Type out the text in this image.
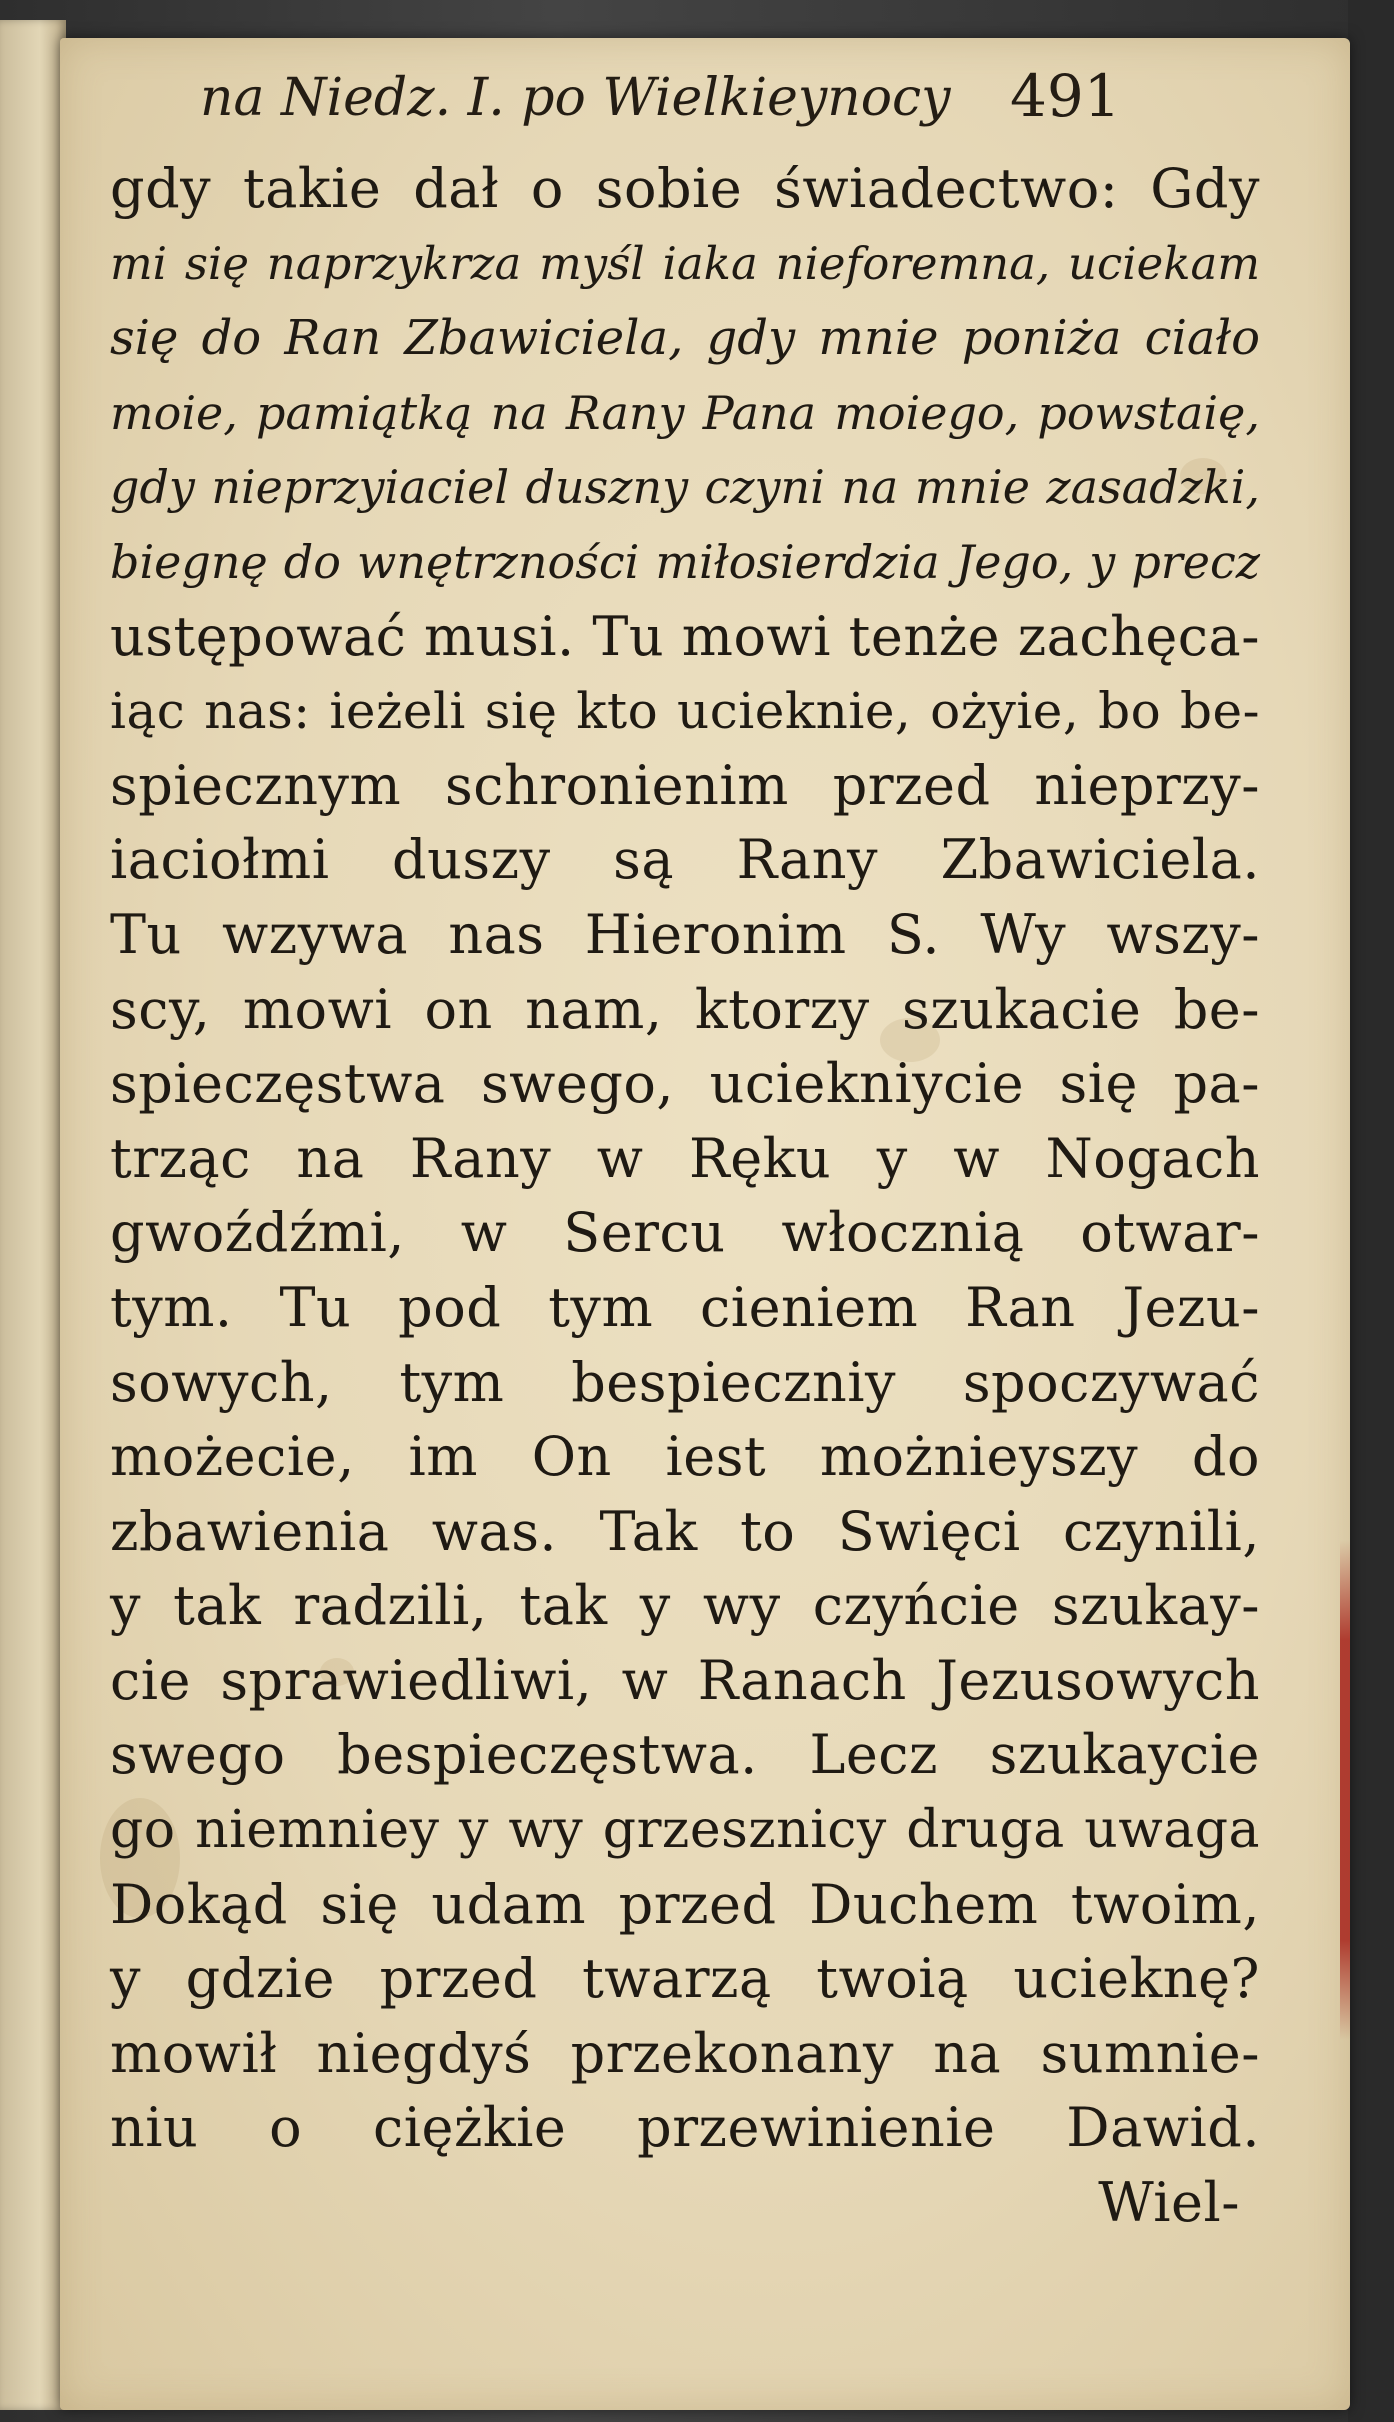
na Niedz. I. po Wielkieynocy 491
gdy takie dał o sobie świadectwo: Gdy
mi się naprzykrza myśl iaka nieforemna, uciekam
się do Ran Zbawiciela, gdy mnie poniża ciało
moie, pamiątką na Rany Pana moiego, powstaię,
gdy nieprzyiaciel duszny czyni na mnie zasadzki,
biegnę do wnętrzności miłosierdzia Jego, y precz
ustępować musi. Tu mowi tenże zachęca-
iąc nas: ieżeli się kto ucieknie, ożyie, bo be-
spiecznym schronienim przed nieprzy-
iaciołmi duszy są Rany Zbawiciela.
Tu wzywa nas Hieronim S. Wy wszy-
scy, mowi on nam, ktorzy szukacie be-
spieczęstwa swego, uciekniycie się pa-
trząc na Rany w Ręku y w Nogach
gwoźdźmi, w Sercu włocznią otwar-
tym. Tu pod tym cieniem Ran Jezu-
sowych, tym bespieczniy spoczywać
możecie, im On iest możnieyszy do
zbawienia was. Tak to Swięci czynili,
y tak radzili, tak y wy czyńcie szukay-
cie sprawiedliwi, w Ranach Jezusowych
swego bespieczęstwa. Lecz szukaycie
go niemniey y wy grzesznicy druga uwaga
Dokąd się udam przed Duchem twoim,
y gdzie przed twarzą twoią ucieknę?
mowił niegdyś przekonany na sumnie-
niu o ciężkie przewinienie Dawid.
Wiel-
